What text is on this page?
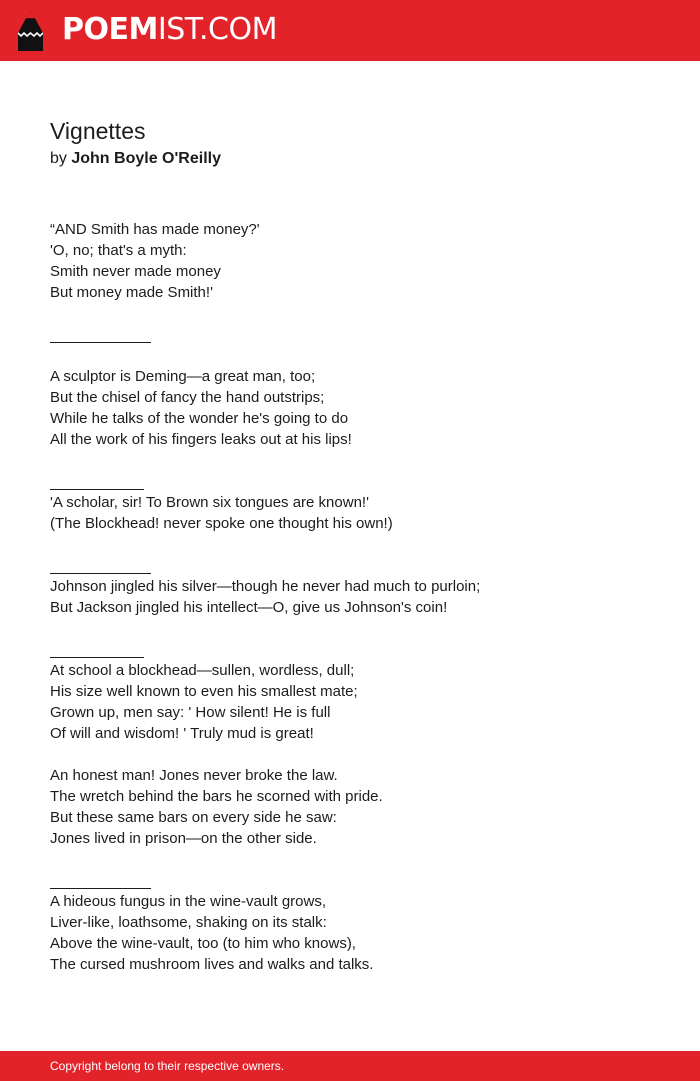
POEMIST.COM
Vignettes
by John Boyle O'Reilly
“AND Smith has made money?'
'O, no; that's a myth:
Smith never made money
But money made Smith!'
A sculptor is Deming—a great man, too;
But the chisel of fancy the hand outstrips;
While he talks of the wonder he's going to do
All the work of his fingers leaks out at his lips!
'A scholar, sir! To Brown six tongues are known!'
(The Blockhead! never spoke one thought his own!)
Johnson jingled his silver—though he never had much to purloin;
But Jackson jingled his intellect—O, give us Johnson's coin!
At school a blockhead—sullen, wordless, dull;
His size well known to even his smallest mate;
Grown up, men say: ' How silent! He is full
Of will and wisdom! ' Truly mud is great!
An honest man! Jones never broke the law.
The wretch behind the bars he scorned with pride.
But these same bars on every side he saw:
Jones lived in prison—on the other side.
A hideous fungus in the wine-vault grows,
Liver-like, loathsome, shaking on its stalk:
Above the wine-vault, too (to him who knows),
The cursed mushroom lives and walks and talks.
Copyright belong to their respective owners.
